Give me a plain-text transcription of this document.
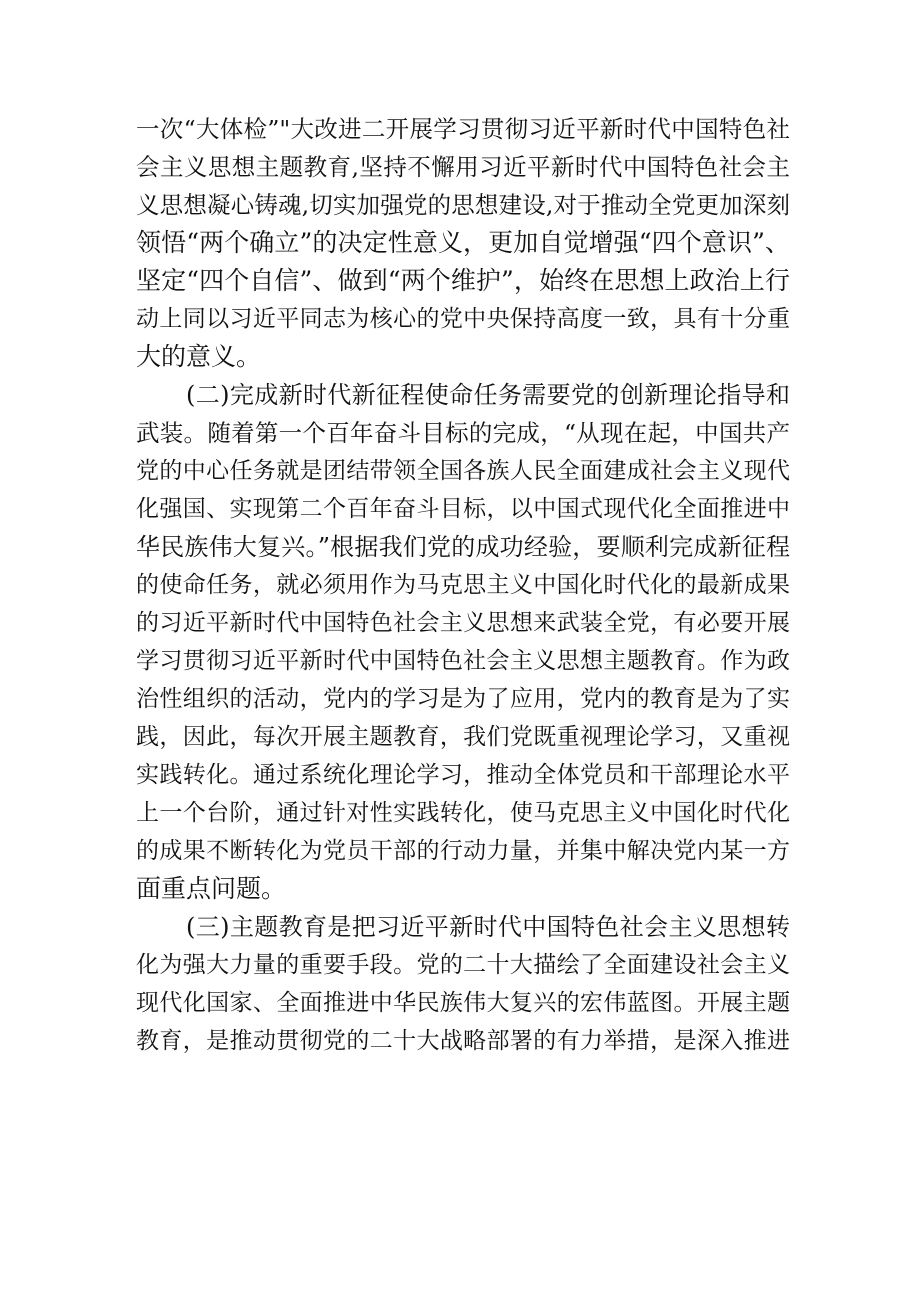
一次“大体检”"大改进二开展学习贯彻习近平新时代中国特色社
会主义思想主题教育,坚持不懈用习近平新时代中国特色社会主
义思想凝心铸魂,切实加强党的思想建设,对于推动全党更加深刻
领悟“两个确立”的决定性意义，更加自觉增强“四个意识”、
坚定“四个自信”、做到“两个维护”，始终在思想上政治上行
动上同以习近平同志为核心的党中央保持高度一致，具有十分重
大的意义。
(二)完成新时代新征程使命任务需要党的创新理论指导和
武装。随着第一个百年奋斗目标的完成，“从现在起，中国共产
党的中心任务就是团结带领全国各族人民全面建成社会主义现代
化强国、实现第二个百年奋斗目标，以中国式现代化全面推进中
华民族伟大复兴。”根据我们党的成功经验，要顺利完成新征程
的使命任务，就必须用作为马克思主义中国化时代化的最新成果
的习近平新时代中国特色社会主义思想来武装全党，有必要开展
学习贯彻习近平新时代中国特色社会主义思想主题教育。作为政
治性组织的活动，党内的学习是为了应用，党内的教育是为了实
践，因此，每次开展主题教育，我们党既重视理论学习，又重视
实践转化。通过系统化理论学习，推动全体党员和干部理论水平
上一个台阶，通过针对性实践转化，使马克思主义中国化时代化
的成果不断转化为党员干部的行动力量，并集中解决党内某一方
面重点问题。
(三)主题教育是把习近平新时代中国特色社会主义思想转
化为强大力量的重要手段。党的二十大描绘了全面建设社会主义
现代化国家、全面推进中华民族伟大复兴的宏伟蓝图。开展主题
教育，是推动贯彻党的二十大战略部署的有力举措，是深入推进
